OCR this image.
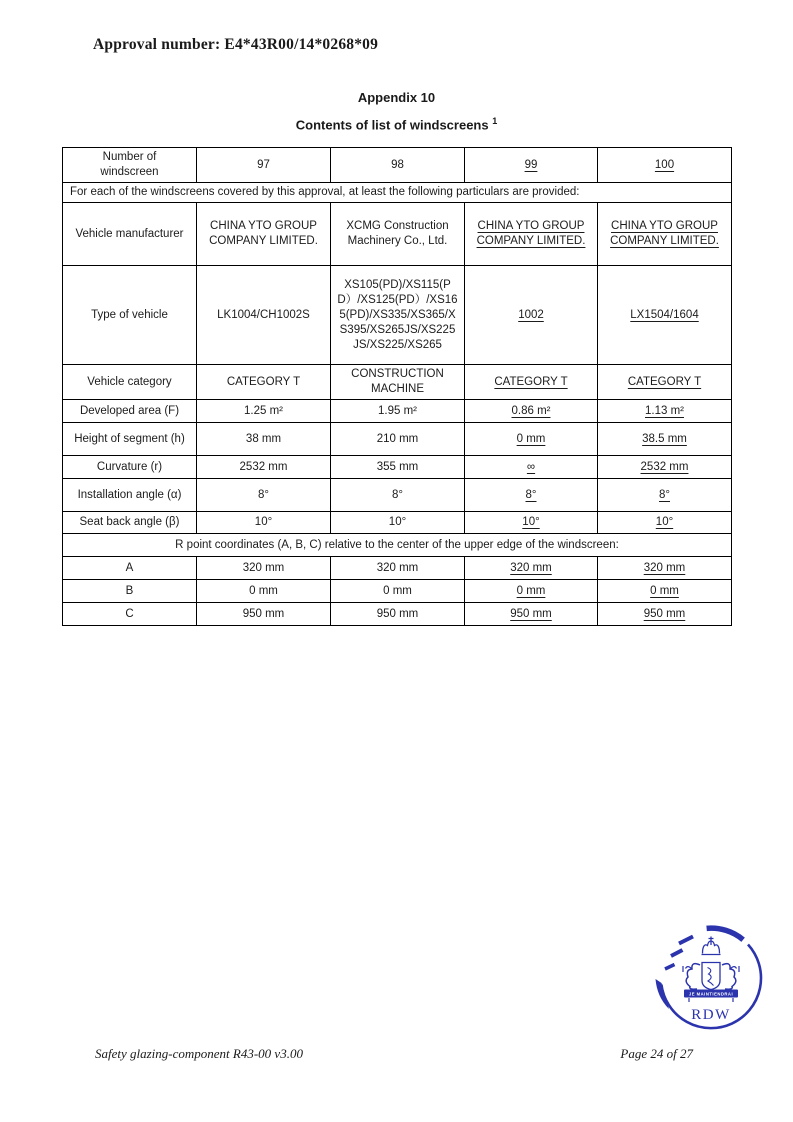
Approval number: E4*43R00/14*0268*09
Appendix 10
Contents of list of windscreens $^1$
Number of windscreen	97	98	99	100
For each of the windscreens covered by this approval, at least the following particulars are provided:				
Vehicle manufacturer	CHINA YTO GROUP COMPANY LIMITED.	XCMG Construction Machinery Co., Ltd.	CHINA YTO GROUP COMPANY LIMITED.	CHINA YTO GROUP COMPANY LIMITED.
Type of vehicle	LK1004/CH1002S	XS105(PD)/XS115(PD）/XS125(PD）/XS165(PD)/XS335/XS365/XS395/XS265JS/XS225JS/XS225/XS265	1002	LX1504/1604
Vehicle category	CATEGORY T	CONSTRUCTION MACHINE	CATEGORY T	CATEGORY T
Developed area (F)	1.25 m²	1.95 m²	0.86 m²	1.13 m²
Height of segment (h)	38 mm	210 mm	0 mm	38.5 mm
Curvature (r)	2532 mm	355 mm	∞	2532 mm
Installation angle (α)	8°	8°	8°	8°
Seat back angle (β)	10°	10°	10°	10°
R point coordinates (A, B, C) relative to the center of the upper edge of the windscreen:				
A	320 mm	320 mm	320 mm	320 mm
B	0 mm	0 mm	0 mm	0 mm
C	950 mm	950 mm	950 mm	950 mm
JE MAINTIENDRAI
RDW
Safety glazing-component R43-00 v3.00	Page 24 of 27
